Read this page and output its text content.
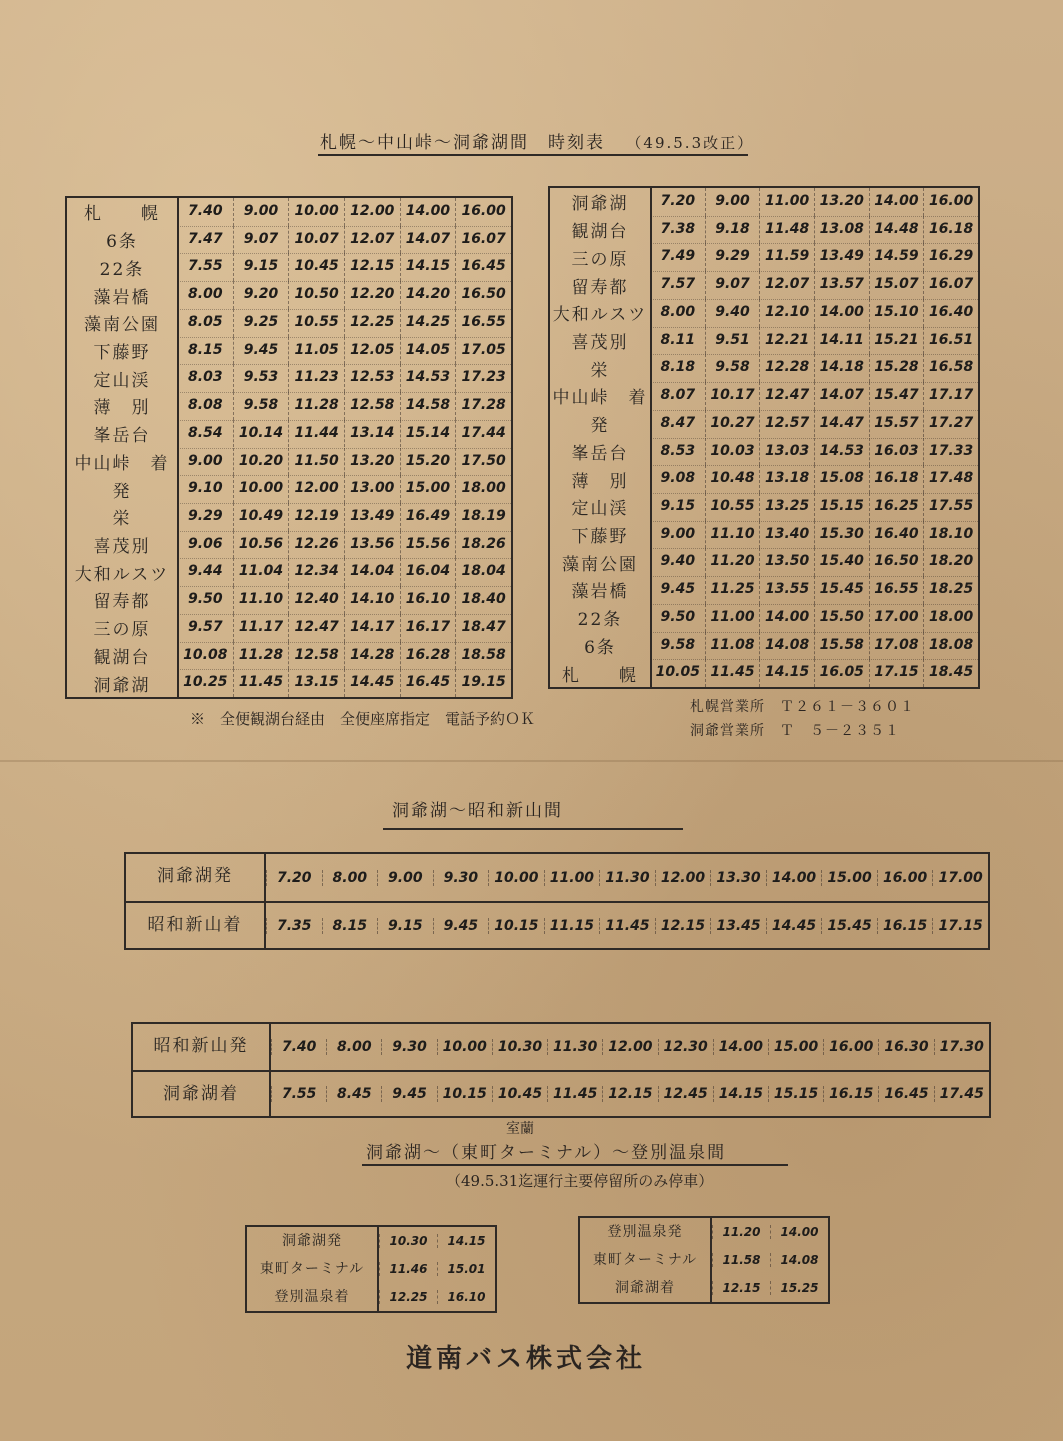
札幌～中山峠～洞爺湖間　時刻表 （49.5.3改正）
札　　幌	7.40	9.00	10.00 12.00 14.00 16.00
6条	7.47	9.07	10.07 12.07 14.07 16.07
22条	7.55	9.15	10.45 12.15 14.15 16.45
藻岩橋	8.00	9.20	10.50 12.20 14.20 16.50
藻南公園	8.05	9.25	10.55 12.25 14.25 16.55
下藤野	8.15	9.45	11.05 12.05 14.05 17.05
定山渓	8.03	9.53	11.23 12.53 14.53 17.23
薄　別	8.08	9.58	11.28 12.58 14.58 17.28
峯岳台	8.54	10.14 11.44 13.14 15.14 17.44
中山峠　着	9.00	10.20 11.50 13.20 15.20 17.50
発	9.10	10.00 12.00 13.00 15.00 18.00
栄	9.29	10.49 12.19 13.49 16.49 18.19
喜茂別	9.06	10.56 12.26 13.56 15.56 18.26
大和ルスツ	9.44	11.04 12.34 14.04 16.04 18.04
留寿都	9.50	11.10 12.40 14.10 16.10 18.40
三の原	9.57	11.17 12.47 14.17 16.17 18.47
観湖台	10.08 11.28 12.58 14.28 16.28 18.58
洞爺湖	10.25 11.45 13.15 14.45 16.45 19.15
洞爺湖	7.20	9.00	11.00 13.20 14.00 16.00
観湖台	7.38	9.18	11.48 13.08 14.48 16.18
三の原	7.49	9.29	11.59 13.49 14.59 16.29
留寿都	7.57	9.07	12.07 13.57 15.07 16.07
大和ルスツ 8.00	9.40	12.10 14.00 15.10 16.40
喜茂別	8.11	9.51	12.21 14.11 15.21 16.51
栄	8.18	9.58	12.28 14.18 15.28 16.58
中山峠　着 8.07	10.17 12.47 14.07 15.47 17.17
発	8.47	10.27 12.57 14.47 15.57 17.27
峯岳台	8.53	10.03 13.03 14.53 16.03 17.33
薄　別	9.08	10.48 13.18 15.08 16.18 17.48
定山渓	9.15	10.55 13.25 15.15 16.25 17.55
下藤野	9.00	11.10 13.40 15.30 16.40 18.10
藻南公園	9.40	11.20 13.50 15.40 16.50 18.20
藻岩橋	9.45	11.25 13.55 15.45 16.55 18.25
22条	9.50	11.00 14.00 15.50 17.00 18.00
6条	9.58	11.08 14.08 15.58 17.08 18.08
札　　幌	10.05 11.45 14.15 16.05 17.15 18.45
※　全便観湖台経由　全便座席指定　電話予約ＯＫ
札幌営業所　Ｔ２６１－３６０１
洞爺営業所　Ｔ　５－２３５１
洞爺湖～昭和新山間
洞爺湖発	7.20	8.00	9.00	9.30	10.00 11.00 11.30 12.00 13.30 14.00 15.00 16.00 17.00
昭和新山着	7.35	8.15	9.15	9.45	10.15 11.15 11.45 12.15 13.45 14.45 15.45 16.15 17.15
昭和新山発	7.40	8.00	9.30	10.00 10.30 11.30 12.00 12.30 14.00 15.00 16.00 16.30 17.30
洞爺湖着	7.55	8.45	9.45	10.15 10.45 11.45 12.15 12.45 14.15 15.15 16.15 16.45 17.45
室蘭
洞爺湖～（東町ターミナル）～登別温泉間
（49.5.31迄運行主要停留所のみ停車）
洞爺湖発	10.30	14.15
東町ターミナル	11.46	15.01
登別温泉着	12.25	16.10
登別温泉発	11.20	14.00
東町ターミナル	11.58	14.08
洞爺湖着	12.15	15.25
道南バス株式会社
